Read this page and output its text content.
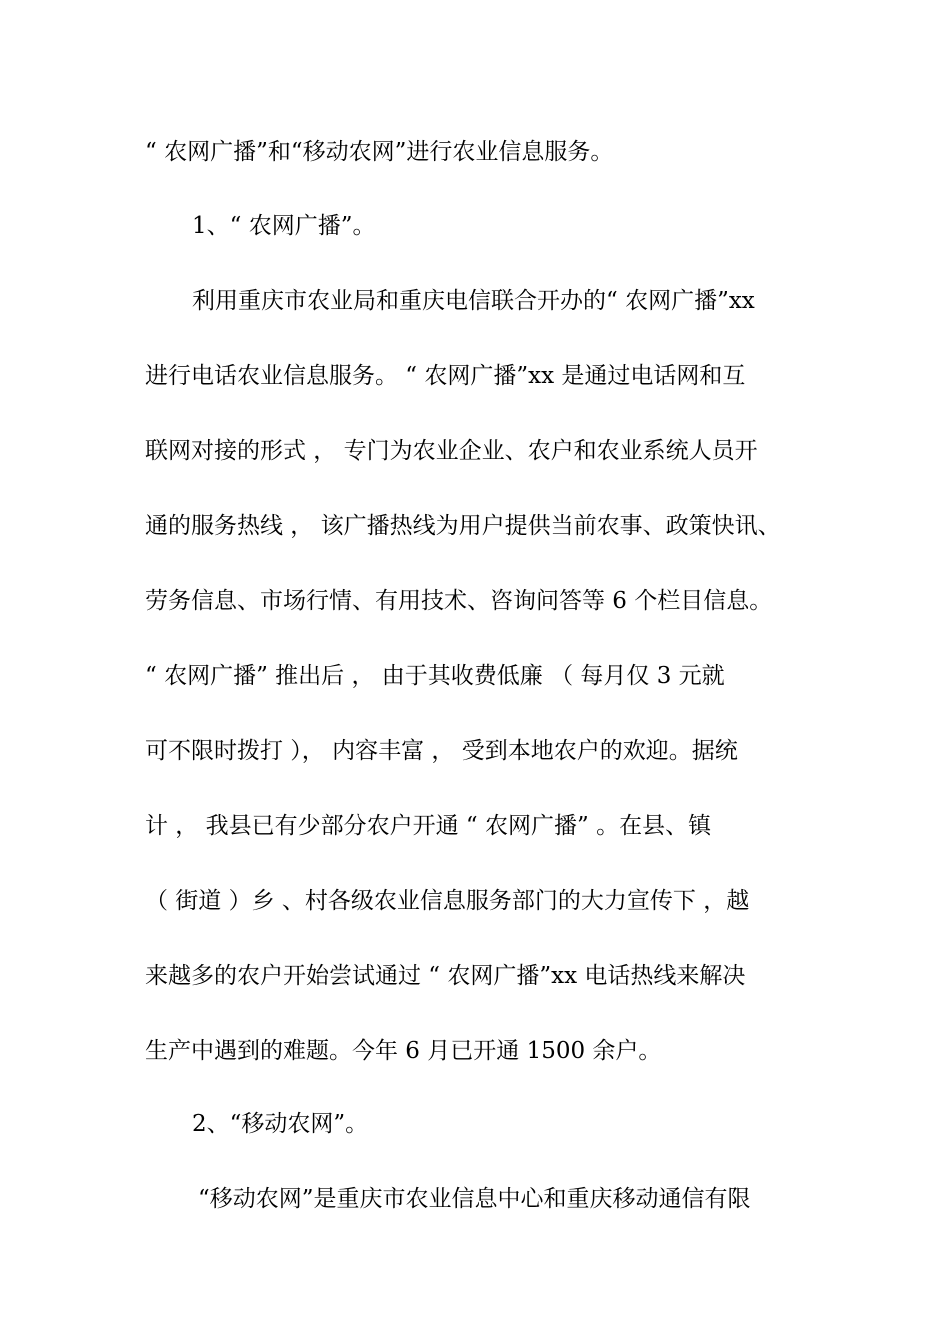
“ 农网广播”和“移动农网”进行农业信息服务。
1、“ 农网广播”。
利用重庆市农业局和重庆电信联合开办的“ 农网广播”xx
进行电话农业信息服务。 “ 农网广播”xx 是通过电话网和互
联网对接的形式 ， 专门为农业企业、农户和农业系统人员开
通的服务热线 ， 该广播热线为用户提供当前农事、政策快讯、
劳务信息、市场行情、有用技术、咨询问答等 6 个栏目信息。
“ 农网广播” 推出后 ， 由于其收费低廉 （ 每月仅 3 元就
可不限时拨打 ）， 内容丰富 ， 受到本地农户的欢迎。据统
计 ， 我县已有少部分农户开通 “ 农网广播” 。在县、镇
（ 街道 ）乡 、村各级农业信息服务部门的大力宣传下 ，越
来越多的农户开始尝试通过 “ 农网广播”xx 电话热线来解决
生产中遇到的难题。今年 6 月已开通 1500 余户。
2、“移动农网”。
“移动农网”是重庆市农业信息中心和重庆移动通信有限
